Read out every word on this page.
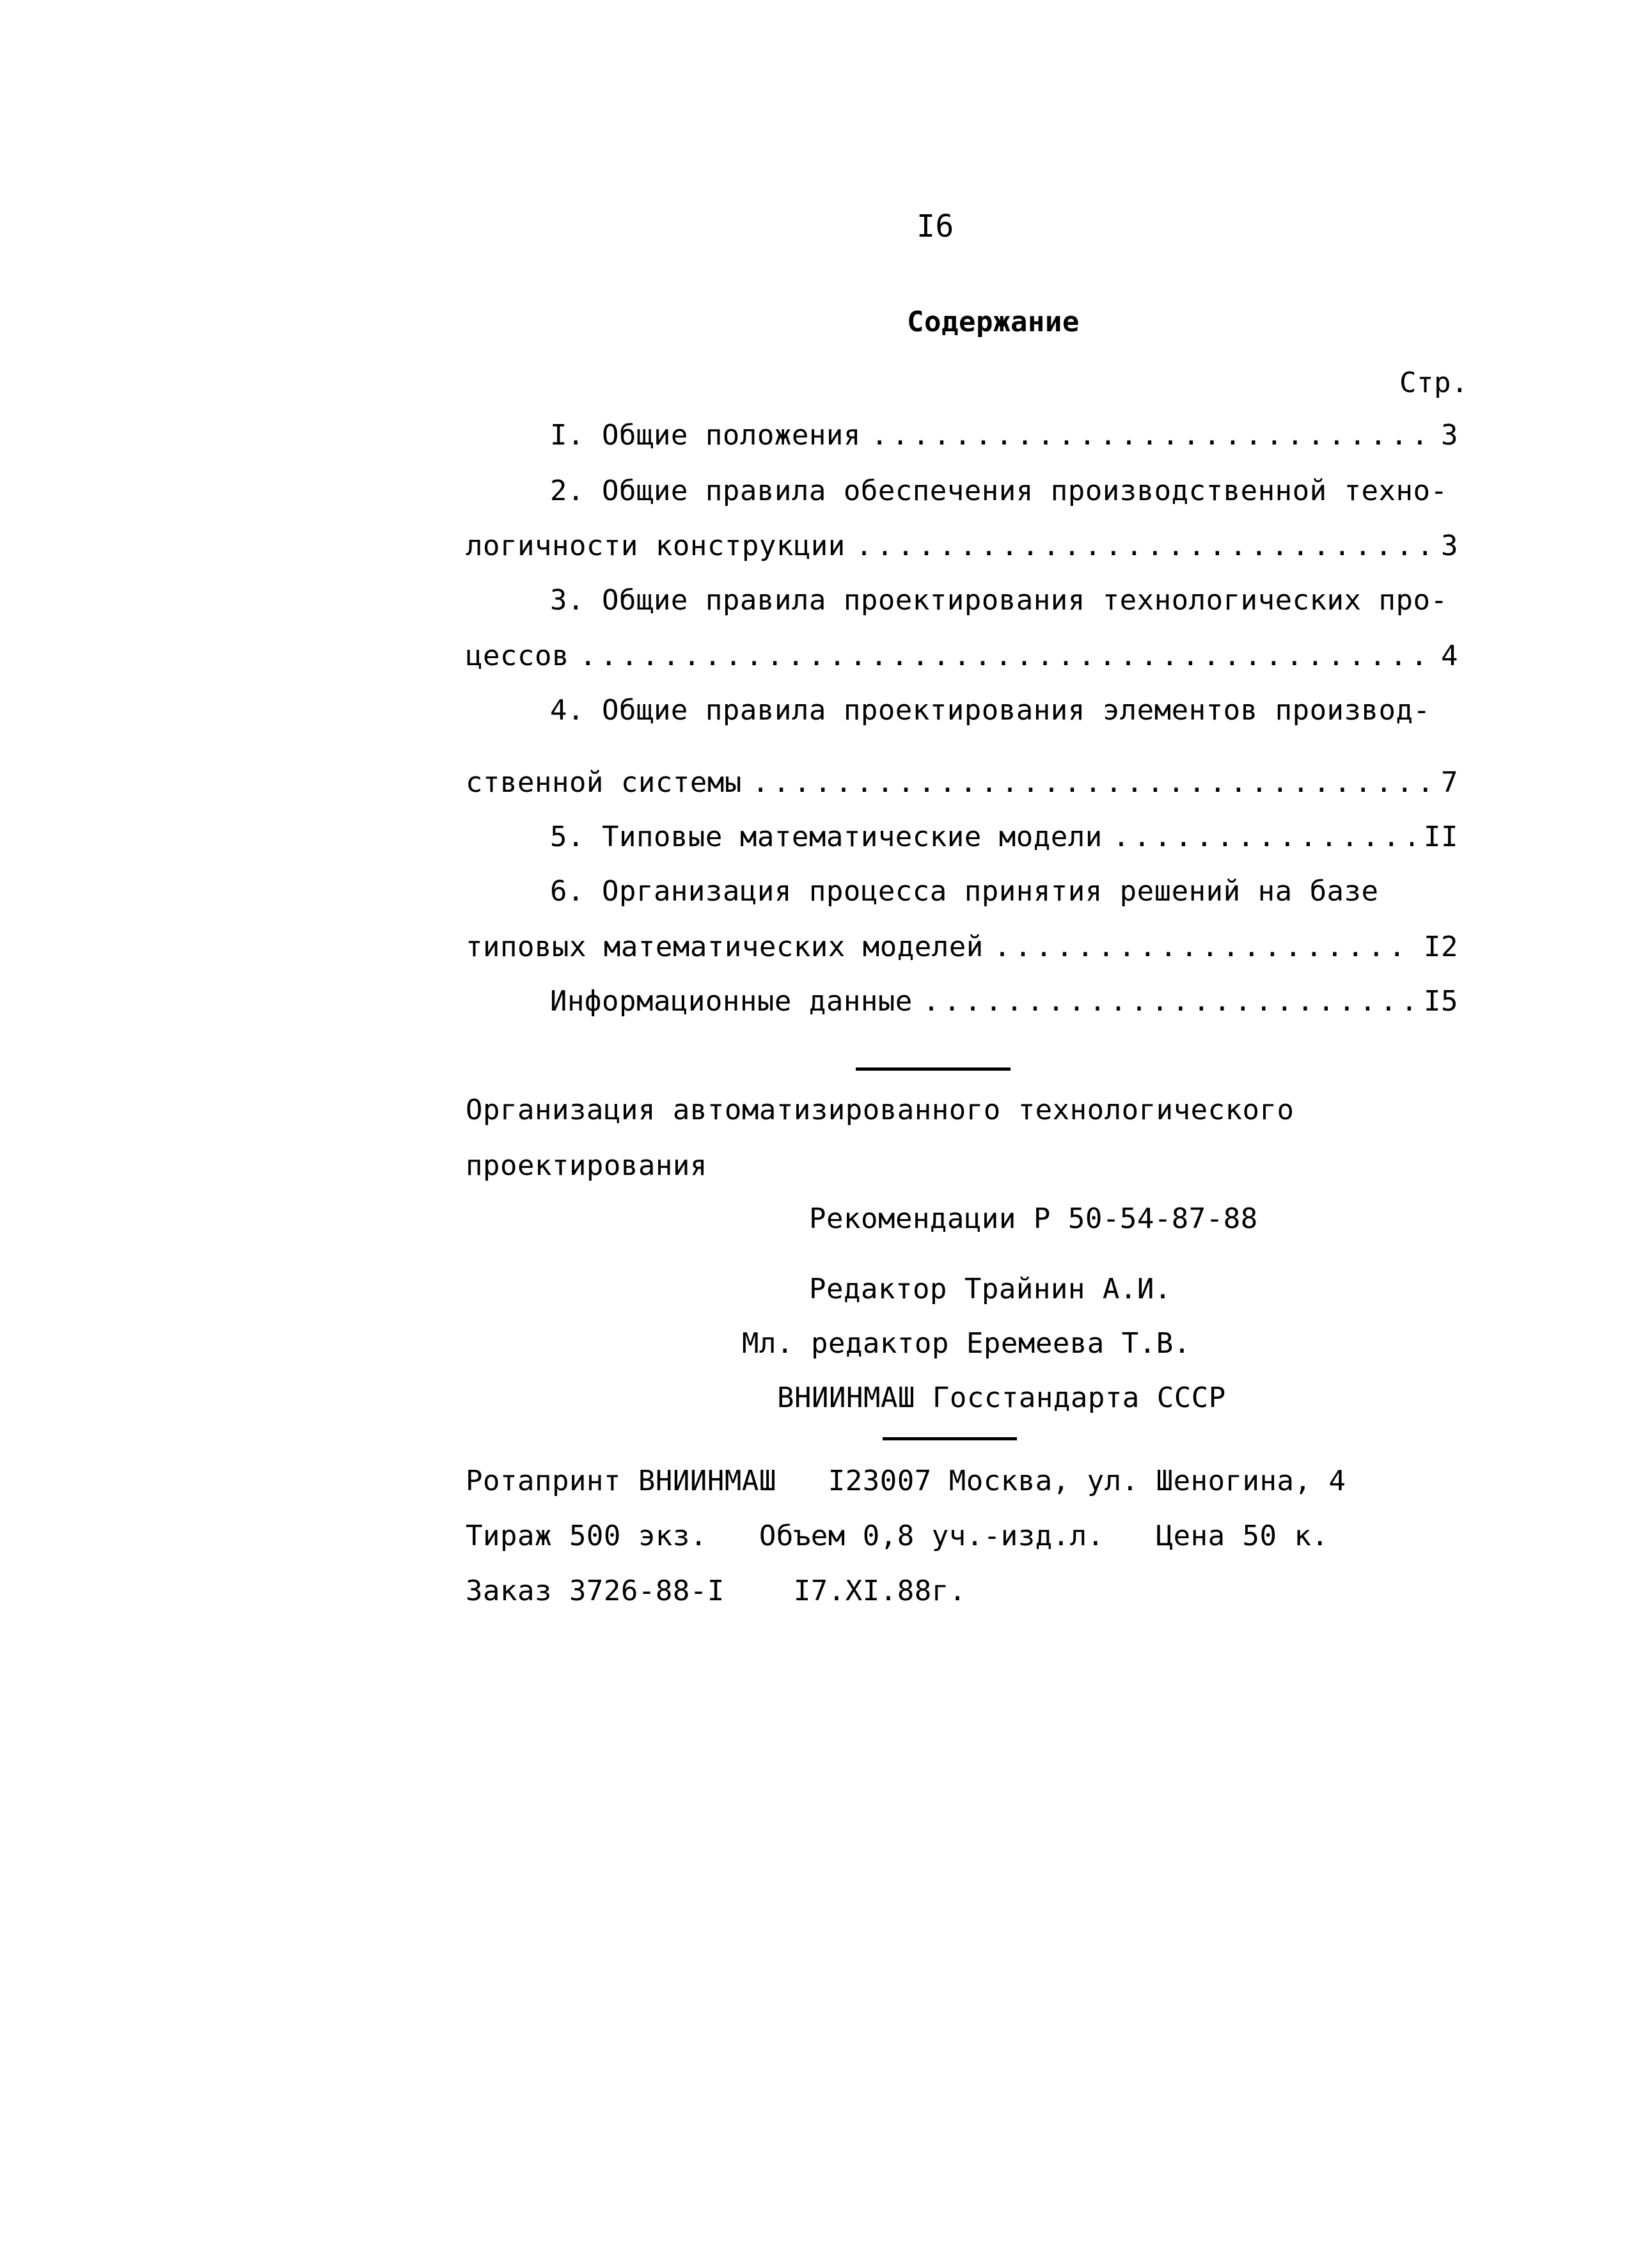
I6
Содержание
Стр.
I. Общие положения .....	3
2. Общие правила обеспечения производственной техно-
логичности конструкции .....	3
3. Общие правила проектирования технологических про-
цессов .....	4
4. Общие правила проектирования элементов производ-
ственной системы .....	7
5. Типовые математические модели .....	II
6. Организация процесса принятия решений на базе
типовых математических моделей .....	I2
Информационные данные .....	I5
Организация автоматизированного технологического
проектирования
Рекомендации Р 50-54-87-88
Редактор Трайнин А.И.
Мл. редактор Еремеева Т.В.
ВНИИНМАШ Госстандарта СССР
Ротапринт ВНИИНМАШ   I23007 Москва, ул. Шеногина, 4
Тираж 500 экз.   Объем 0,8 уч.-изд.л.   Цена 50 к.
Заказ 3726-88-I    I7.XI.88г.
